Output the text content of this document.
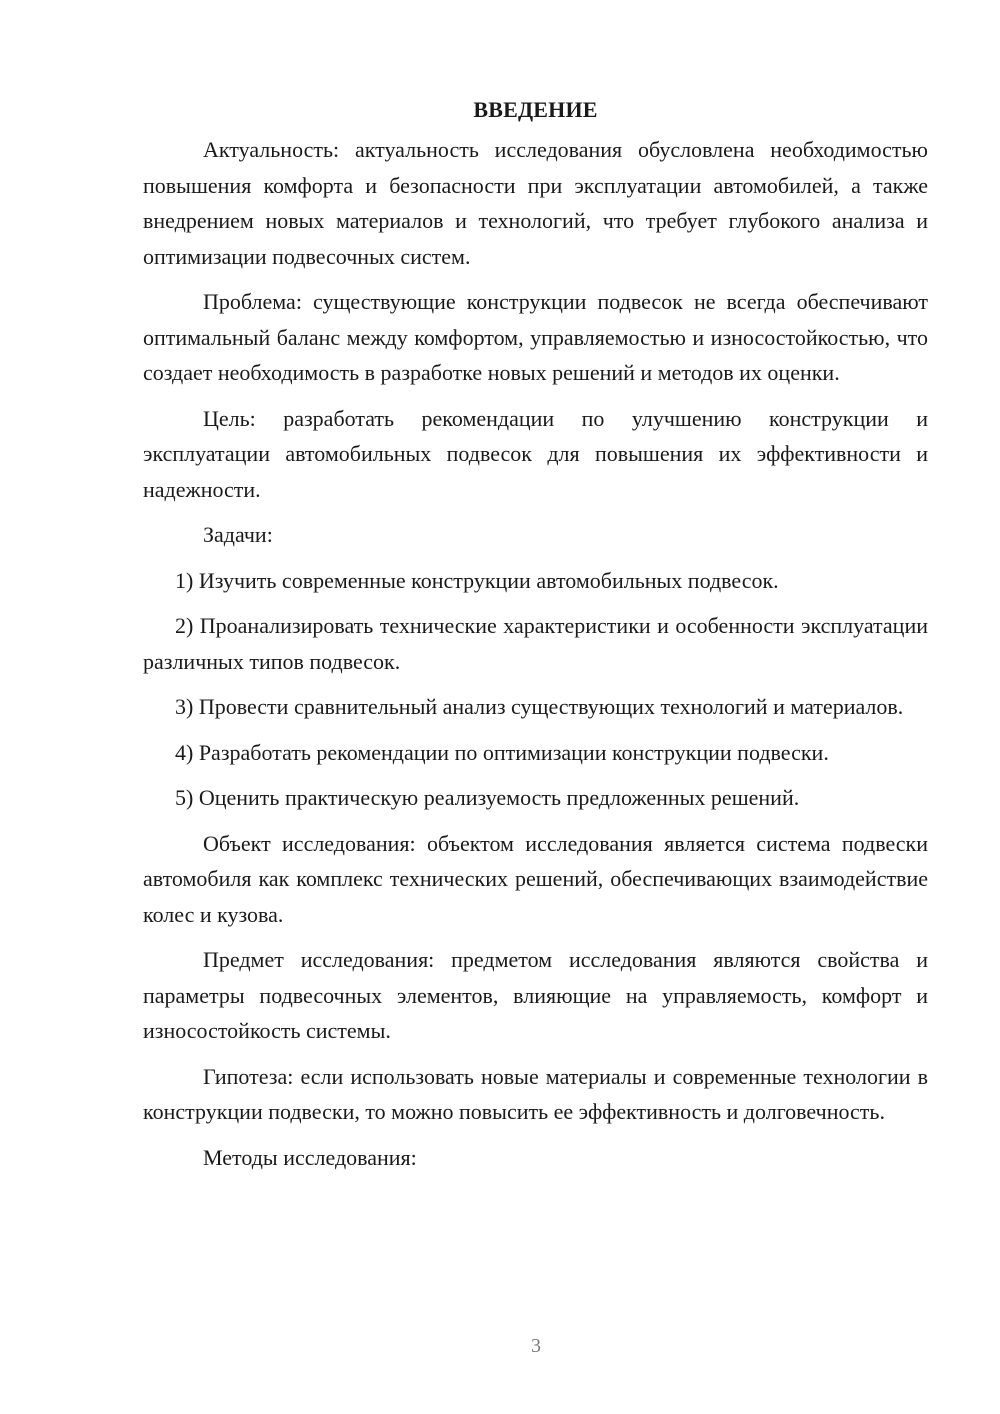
ВВЕДЕНИЕ

Актуальность: актуальность исследования обусловлена необходимостью повышения комфорта и безопасности при эксплуатации автомобилей, а также внедрением новых материалов и технологий, что требует глубокого анализа и оптимизации подвесочных систем.

Проблема: существующие конструкции подвесок не всегда обеспечивают оптимальный баланс между комфортом, управляемостью и износостойкостью, что создает необходимость в разработке новых решений и методов их оценки.

Цель: разработать рекомендации по улучшению конструкции и эксплуатации автомобильных подвесок для повышения их эффективности и надежности.

Задачи:

1) Изучить современные конструкции автомобильных подвесок.

2) Проанализировать технические характеристики и особенности эксплуатации различных типов подвесок.

3) Провести сравнительный анализ существующих технологий и материалов.

4) Разработать рекомендации по оптимизации конструкции подвески.

5) Оценить практическую реализуемость предложенных решений.

Объект исследования: объектом исследования является система подвески автомобиля как комплекс технических решений, обеспечивающих взаимодействие колес и кузова.

Предмет исследования: предметом исследования являются свойства и параметры подвесочных элементов, влияющие на управляемость, комфорт и износостойкость системы.

Гипотеза: если использовать новые материалы и современные технологии в конструкции подвески, то можно повысить ее эффективность и долговечность.

Методы исследования:

3
